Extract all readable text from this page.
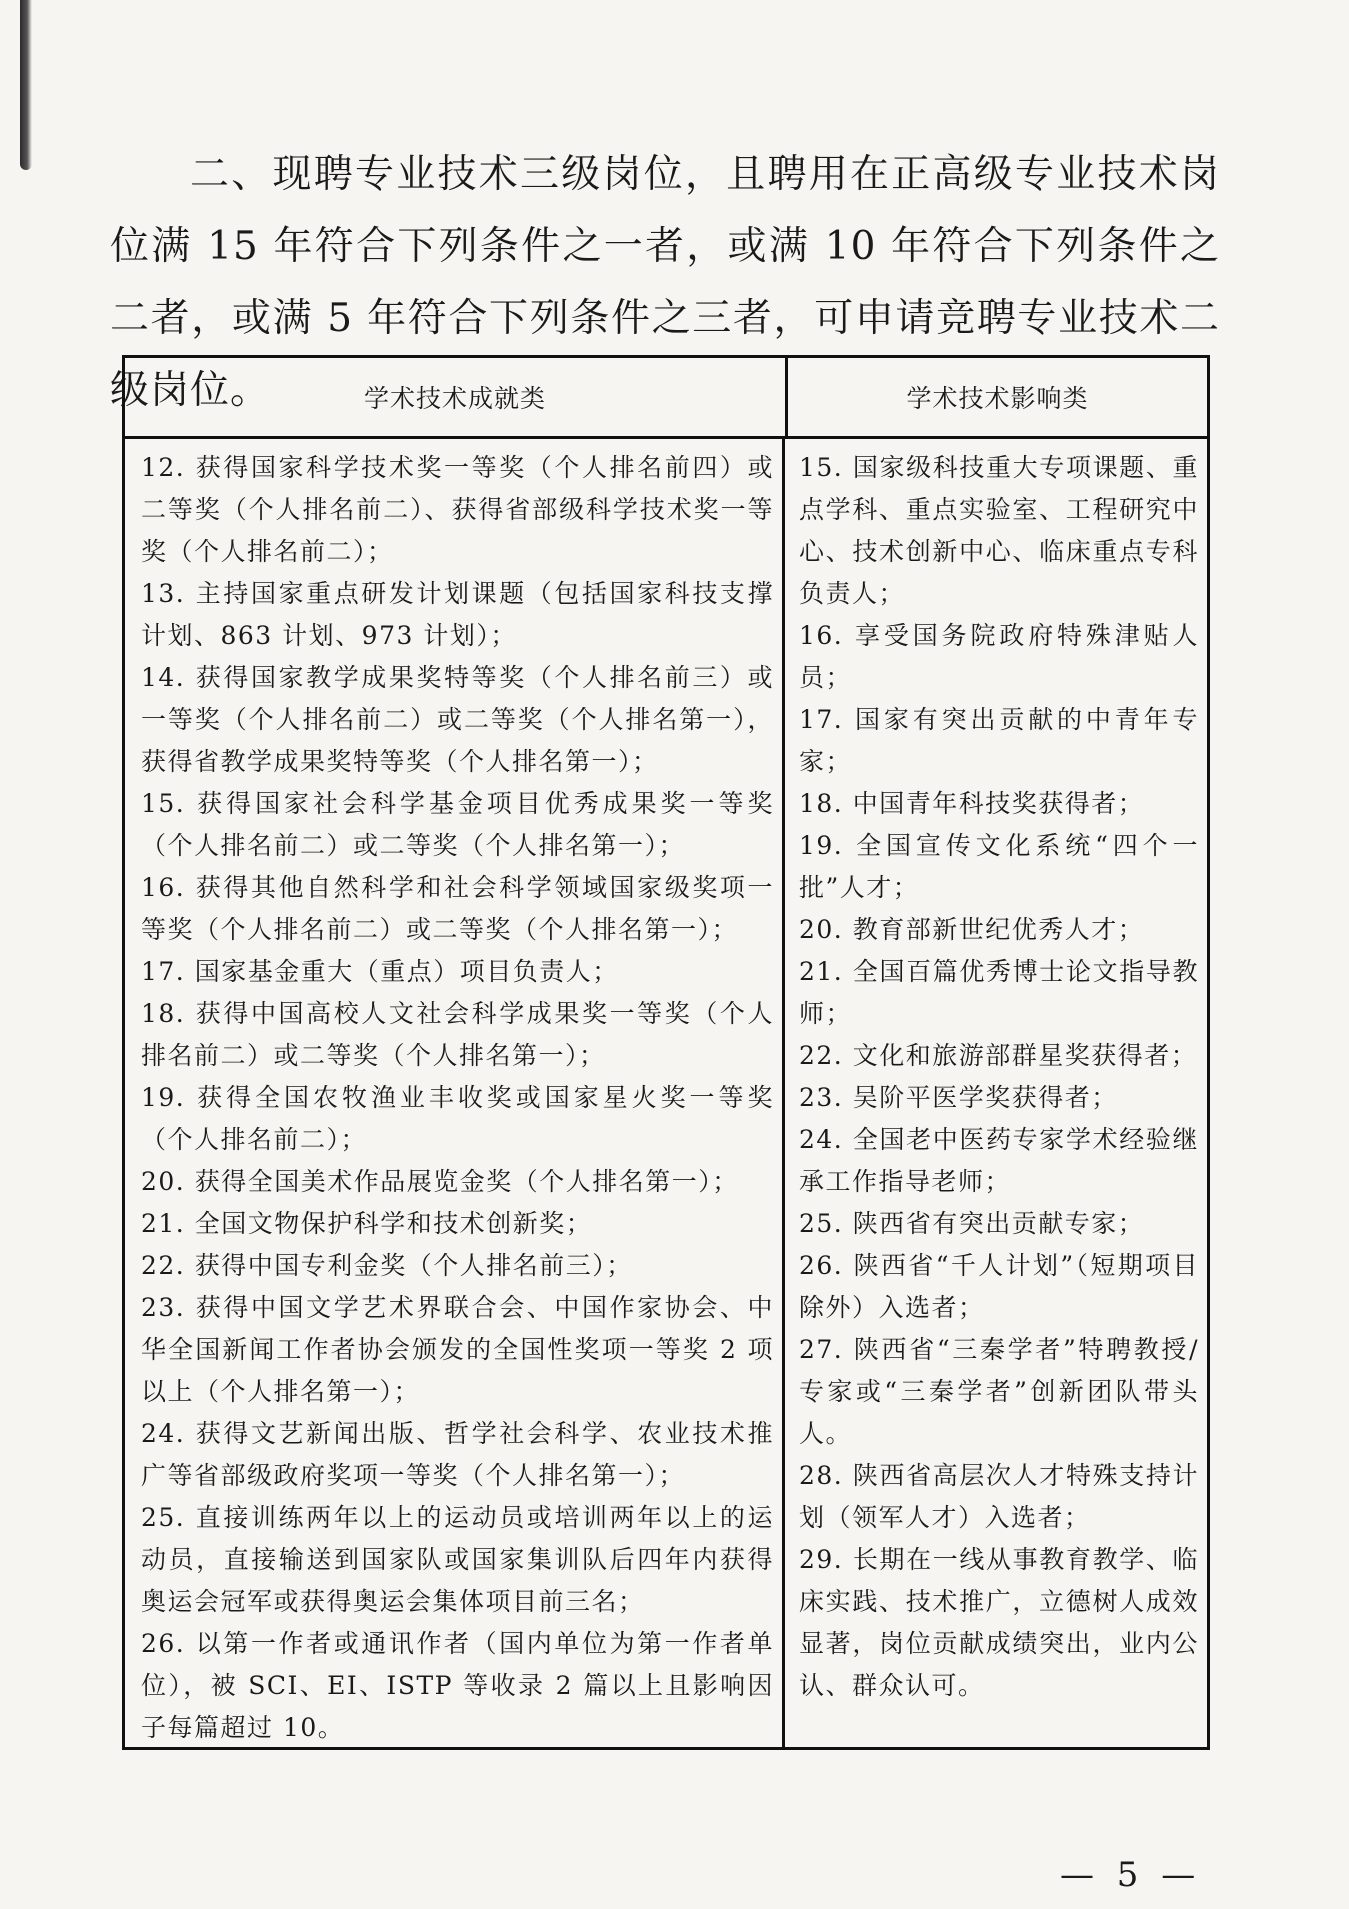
二、现聘专业技术三级岗位，且聘用在正高级专业技术岗位满 15 年符合下列条件之一者，或满 10 年符合下列条件之二者，或满 5 年符合下列条件之三者，可申请竞聘专业技术二级岗位。	学术技术成就类	学术技术影响类
12. 获得国家科学技术奖一等奖（个人排名前四）或二等奖（个人排名前二）、获得省部级科学技术奖一等奖（个人排名前二）；
13. 主持国家重点研发计划课题（包括国家科技支撑计划、863 计划、973 计划）；
14. 获得国家教学成果奖特等奖（个人排名前三）或一等奖（个人排名前二）或二等奖（个人排名第一），获得省教学成果奖特等奖（个人排名第一）；
15. 获得国家社会科学基金项目优秀成果奖一等奖（个人排名前二）或二等奖（个人排名第一）；
16. 获得其他自然科学和社会科学领域国家级奖项一等奖（个人排名前二）或二等奖（个人排名第一）；
17. 国家基金重大（重点）项目负责人；
18. 获得中国高校人文社会科学成果奖一等奖（个人排名前二）或二等奖（个人排名第一）；
19. 获得全国农牧渔业丰收奖或国家星火奖一等奖（个人排名前二）；
20. 获得全国美术作品展览金奖（个人排名第一）；
21. 全国文物保护科学和技术创新奖；
22. 获得中国专利金奖（个人排名前三）；
23. 获得中国文学艺术界联合会、中国作家协会、中华全国新闻工作者协会颁发的全国性奖项一等奖 2 项以上（个人排名第一）；
24. 获得文艺新闻出版、哲学社会科学、农业技术推广等省部级政府奖项一等奖（个人排名第一）；
25. 直接训练两年以上的运动员或培训两年以上的运动员，直接输送到国家队或国家集训队后四年内获得奥运会冠军或获得奥运会集体项目前三名；
26. 以第一作者或通讯作者（国内单位为第一作者单位），被 SCI、EI、ISTP 等收录 2 篇以上且影响因子每篇超过 10。
15. 国家级科技重大专项课题、重点学科、重点实验室、工程研究中心、技术创新中心、临床重点专科负责人；
16. 享受国务院政府特殊津贴人员；
17. 国家有突出贡献的中青年专家；
18. 中国青年科技奖获得者；
19. 全国宣传文化系统“四个一批”人才；
20. 教育部新世纪优秀人才；
21. 全国百篇优秀博士论文指导教师；
22. 文化和旅游部群星奖获得者；
23. 吴阶平医学奖获得者；
24. 全国老中医药专家学术经验继承工作指导老师；
25. 陕西省有突出贡献专家；
26. 陕西省“千人计划”（短期项目除外）入选者；
27. 陕西省“三秦学者”特聘教授/专家或“三秦学者”创新团队带头人。
28. 陕西省高层次人才特殊支持计划（领军人才）入选者；
29. 长期在一线从事教育教学、临床实践、技术推广，立德树人成效显著，岗位贡献成绩突出，业内公认、群众认可。
— 5 —
